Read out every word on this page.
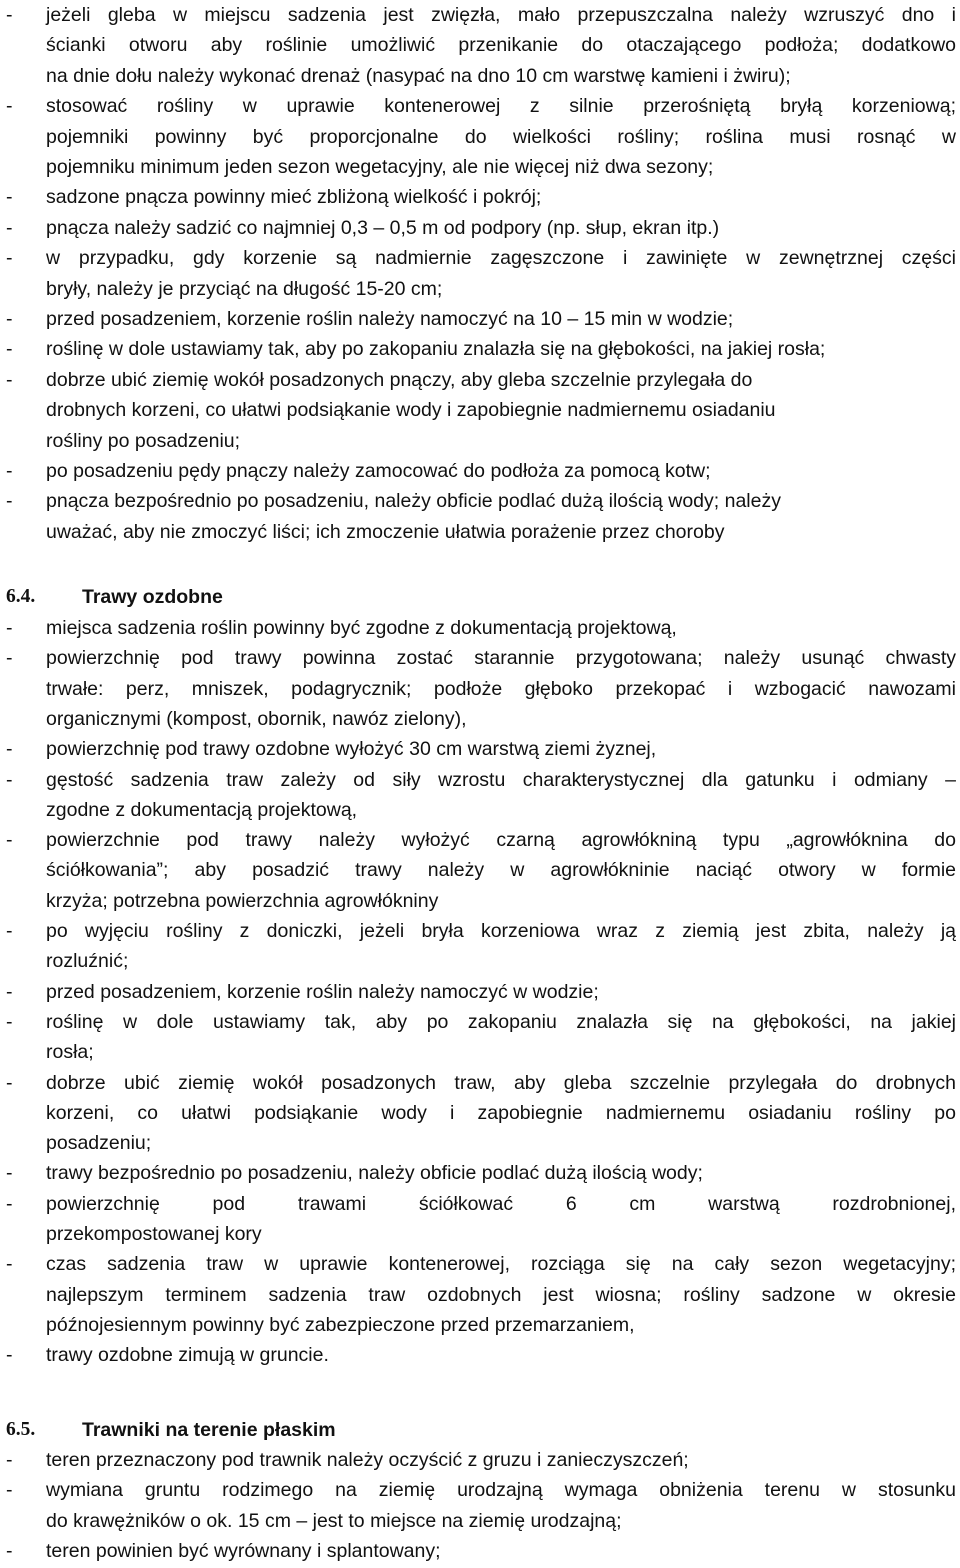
- jeżeli gleba w miejscu sadzenia jest zwięzła, mało przepuszczalna należy wzruszyć dno i
ścianki otworu aby roślinie umożliwić przenikanie do otaczającego podłoża; dodatkowo
na dnie dołu należy wykonać drenaż (nasypać na dno 10 cm warstwę kamieni i żwiru);
- stosować rośliny w uprawie kontenerowej z silnie przerośniętą bryłą korzeniową;
pojemniki powinny być proporcjonalne do wielkości rośliny; roślina musi rosnąć w
pojemniku minimum jeden sezon wegetacyjny, ale nie więcej niż dwa sezony;
- sadzone pnącza powinny mieć zbliżoną wielkość i pokrój;
- pnącza należy sadzić co najmniej 0,3 – 0,5 m od podpory (np. słup, ekran itp.)
- w przypadku, gdy korzenie są nadmiernie zagęszczone i zawinięte w zewnętrznej części
bryły, należy je przyciąć na długość 15-20 cm;
- przed posadzeniem, korzenie roślin należy namoczyć na 10 – 15 min w wodzie;
- roślinę w dole ustawiamy tak, aby po zakopaniu znalazła się na głębokości, na jakiej rosła;
- dobrze ubić ziemię wokół posadzonych pnączy, aby gleba szczelnie przylegała do
drobnych korzeni, co ułatwi podsiąkanie wody i zapobiegnie nadmiernemu osiadaniu
rośliny po posadzeniu;
- po posadzeniu pędy pnączy należy zamocować do podłoża za pomocą kotw;
- pnącza bezpośrednio po posadzeniu, należy obficie podlać dużą ilością wody; należy
uważać, aby nie zmoczyć liści; ich zmoczenie ułatwia porażenie przez choroby
6.4. Trawy ozdobne
- miejsca sadzenia roślin powinny być zgodne z dokumentacją projektową,
- powierzchnię pod trawy powinna zostać starannie przygotowana; należy usunąć chwasty
trwałe: perz, mniszek, podagrycznik; podłoże głęboko przekopać i wzbogacić nawozami
organicznymi (kompost, obornik, nawóz zielony),
- powierzchnię pod trawy ozdobne wyłożyć 30 cm warstwą ziemi żyznej,
- gęstość sadzenia traw zależy od siły wzrostu charakterystycznej dla gatunku i odmiany –
zgodne z dokumentacją projektową,
- powierzchnie pod trawy należy wyłożyć czarną agrowłókniną typu „agrowłóknina do
ściółkowania”; aby posadzić trawy należy w agrowłókninie naciąć otwory w formie
krzyża; potrzebna powierzchnia agrowłókniny
- po wyjęciu rośliny z doniczki, jeżeli bryła korzeniowa wraz z ziemią jest zbita, należy ją
rozluźnić;
- przed posadzeniem, korzenie roślin należy namoczyć w wodzie;
- roślinę w dole ustawiamy tak, aby po zakopaniu znalazła się na głębokości, na jakiej
rosła;
- dobrze ubić ziemię wokół posadzonych traw, aby gleba szczelnie przylegała do drobnych
korzeni, co ułatwi podsiąkanie wody i zapobiegnie nadmiernemu osiadaniu rośliny po
posadzeniu;
- trawy bezpośrednio po posadzeniu, należy obficie podlać dużą ilością wody;
- powierzchnię pod trawami ściółkować 6 cm warstwą rozdrobnionej,
przekompostowanej kory
- czas sadzenia traw w uprawie kontenerowej, rozciąga się na cały sezon wegetacyjny;
najlepszym terminem sadzenia traw ozdobnych jest wiosna; rośliny sadzone w okresie
późnojesiennym powinny być zabezpieczone przed przemarzaniem,
- trawy ozdobne zimują w gruncie.
6.5. Trawniki na terenie płaskim
- teren przeznaczony pod trawnik należy oczyścić z gruzu i zanieczyszczeń;
- wymiana gruntu rodzimego na ziemię urodzajną wymaga obniżenia terenu w stosunku
do krawężników o ok. 15 cm – jest to miejsce na ziemię urodzajną;
- teren powinien być wyrównany i splantowany;
